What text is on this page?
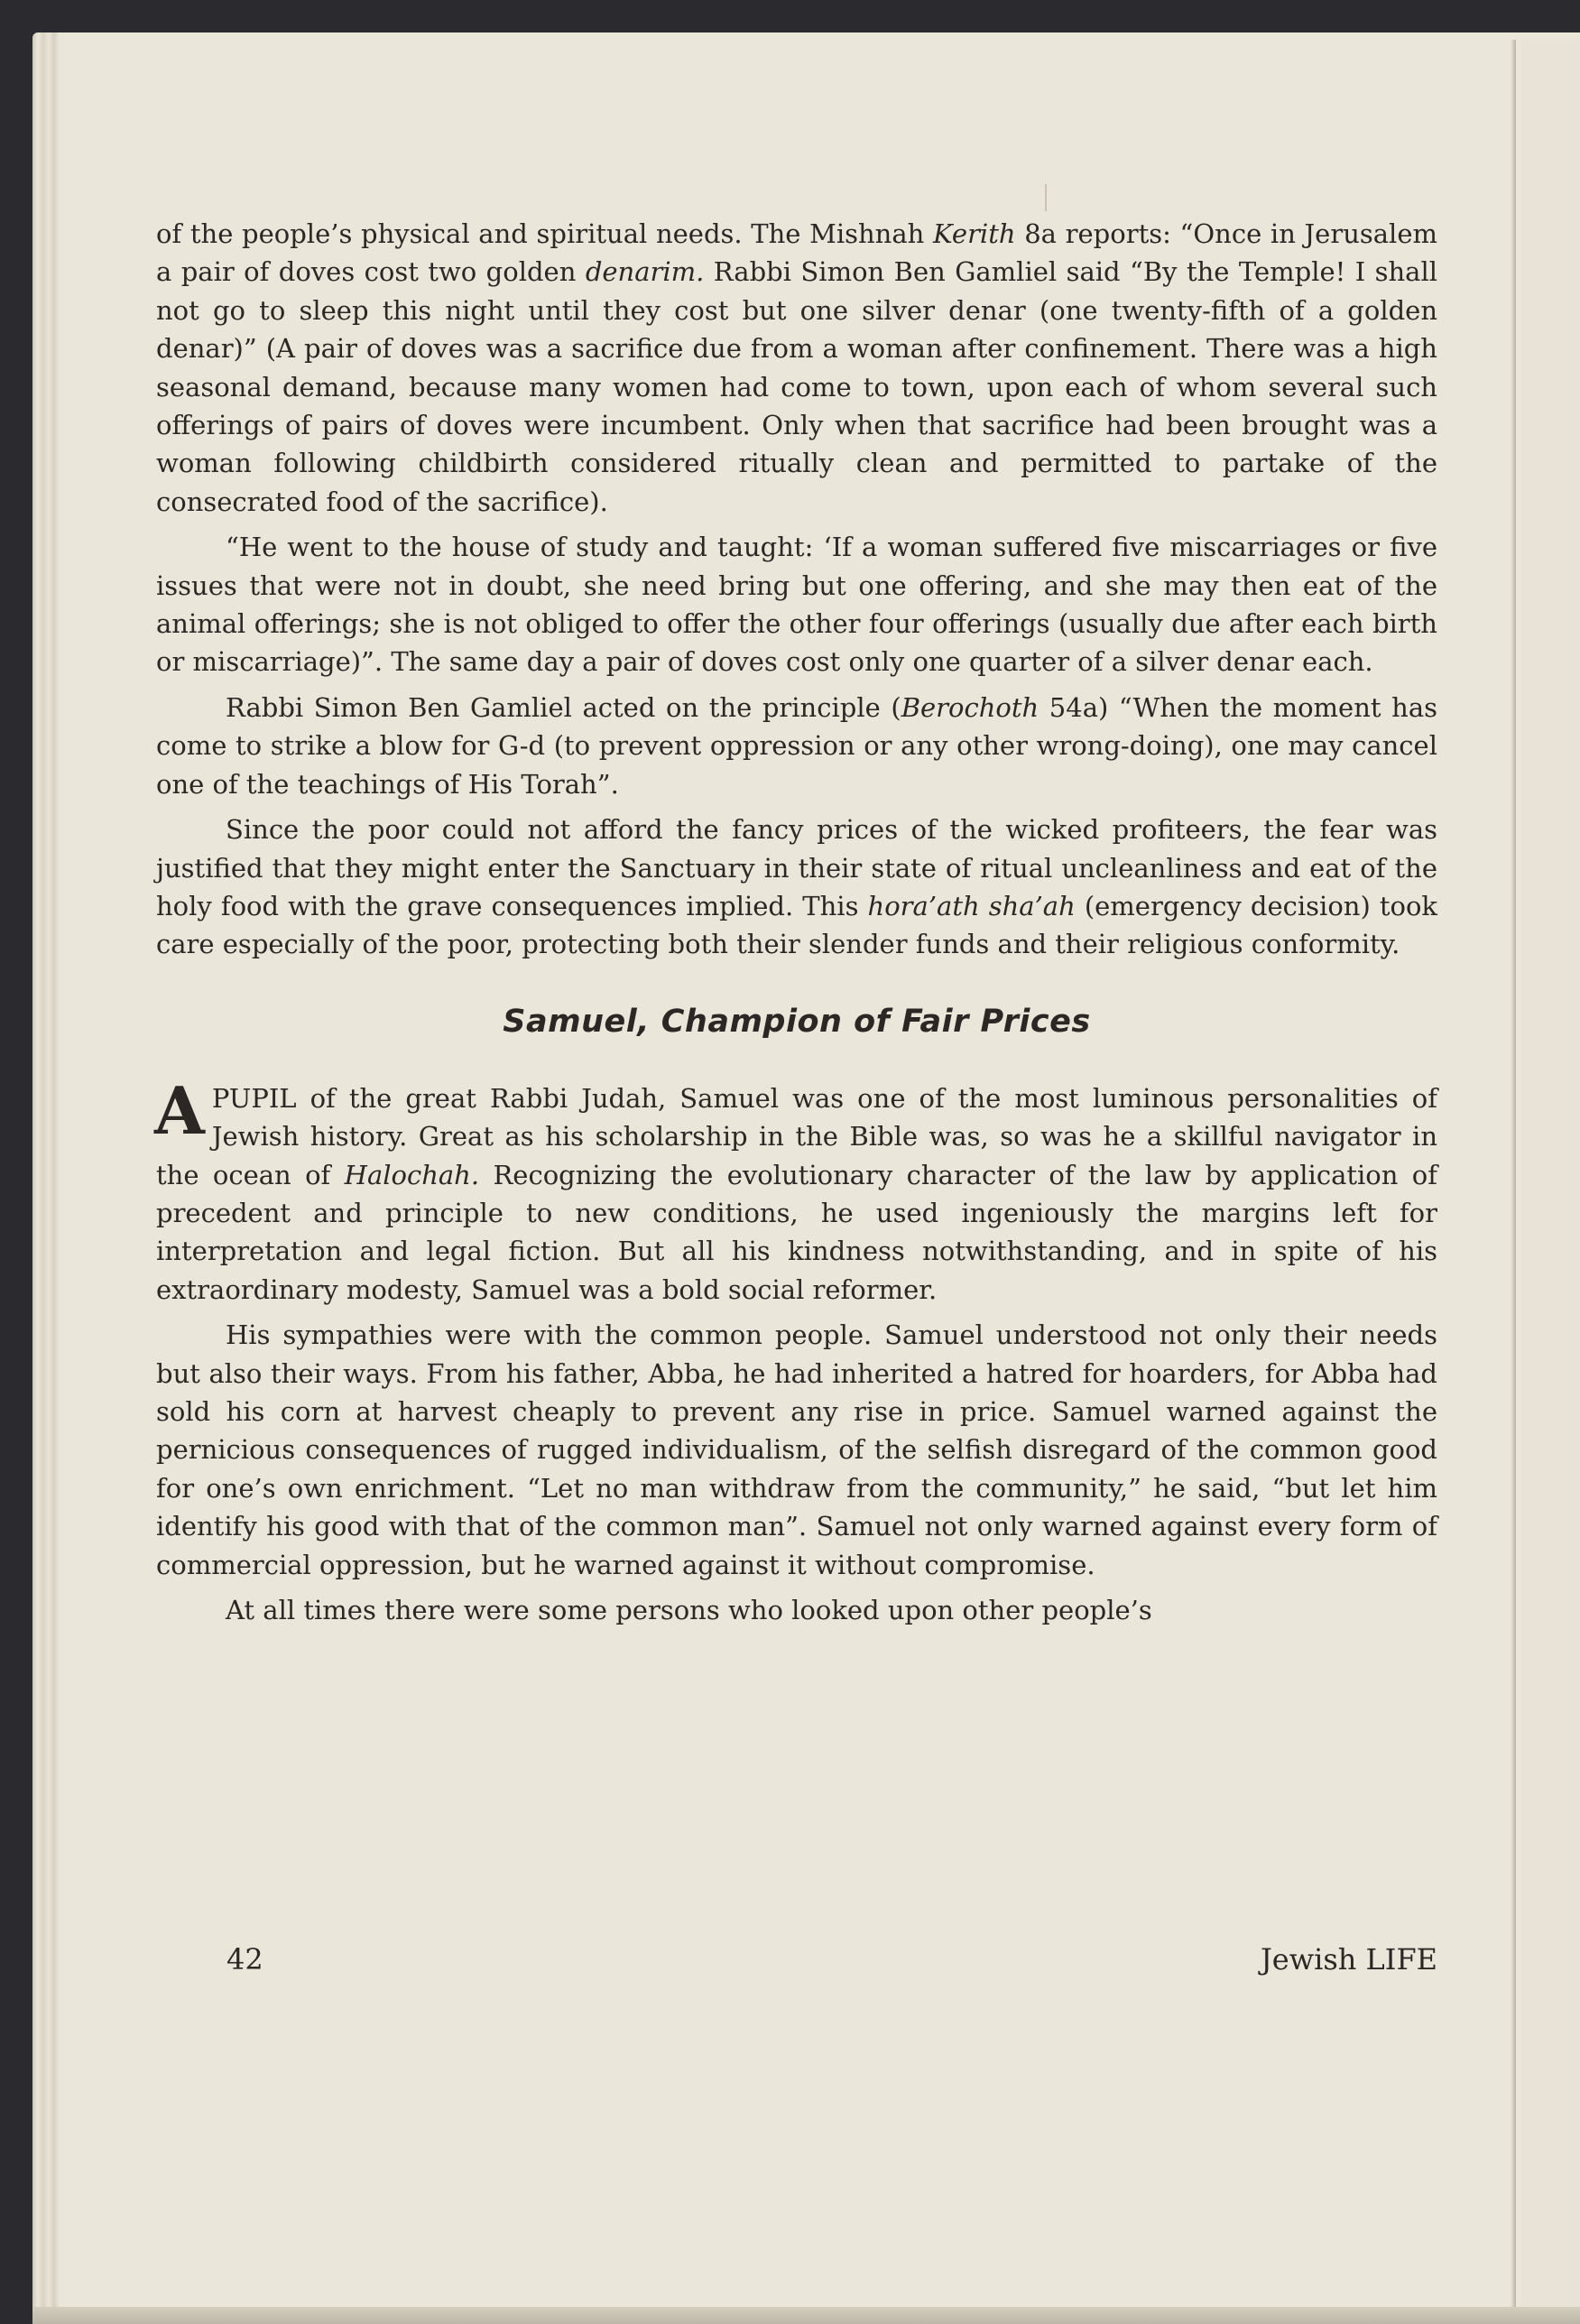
of the people’s physical and spiritual needs. The Mishnah Kerith 8a reports: “Once in Jerusalem a pair of doves cost two golden denarim. Rabbi Simon Ben Gamliel said “By the Temple! I shall not go to sleep this night until they cost but one silver denar (one twenty-fifth of a golden denar)” (A pair of doves was a sacrifice due from a woman after confinement. There was a high seasonal demand, because many women had come to town, upon each of whom several such offerings of pairs of doves were incumbent. Only when that sacrifice had been brought was a woman following childbirth considered ritually clean and permitted to partake of the consecrated food of the sacrifice).

“He went to the house of study and taught: ‘If a woman suffered five miscarriages or five issues that were not in doubt, she need bring but one offering, and she may then eat of the animal offerings; she is not obliged to offer the other four offerings (usually due after each birth or miscarriage)”. The same day a pair of doves cost only one quarter of a silver denar each.

Rabbi Simon Ben Gamliel acted on the principle (Berochoth 54a) “When the moment has come to strike a blow for G-d (to prevent oppression or any other wrong-doing), one may cancel one of the teachings of His Torah”.

Since the poor could not afford the fancy prices of the wicked profiteers, the fear was justified that they might enter the Sanctuary in their state of ritual uncleanliness and eat of the holy food with the grave consequences implied. This hora’ath sha’ah (emergency decision) took care especially of the poor, protecting both their slender funds and their religious conformity.

Samuel, Champion of Fair Prices

APUPIL of the great Rabbi Judah, Samuel was one of the most luminous personalities of Jewish history. Great as his scholarship in the Bible was, so was he a skillful navigator in the ocean of Halochah. Recognizing the evolutionary character of the law by application of precedent and principle to new conditions, he used ingeniously the margins left for interpretation and legal fiction. But all his kindness notwithstanding, and in spite of his extraordinary modesty, Samuel was a bold social reformer.

His sympathies were with the common people. Samuel understood not only their needs but also their ways. From his father, Abba, he had inherited a hatred for hoarders, for Abba had sold his corn at harvest cheaply to prevent any rise in price. Samuel warned against the pernicious consequences of rugged individualism, of the selfish disregard of the common good for one’s own enrichment. “Let no man withdraw from the community,” he said, “but let him identify his good with that of the common man”. Samuel not only warned against every form of commercial oppression, but he warned against it without compromise.

At all times there were some persons who looked upon other people’s

42	Jewish LIFE
